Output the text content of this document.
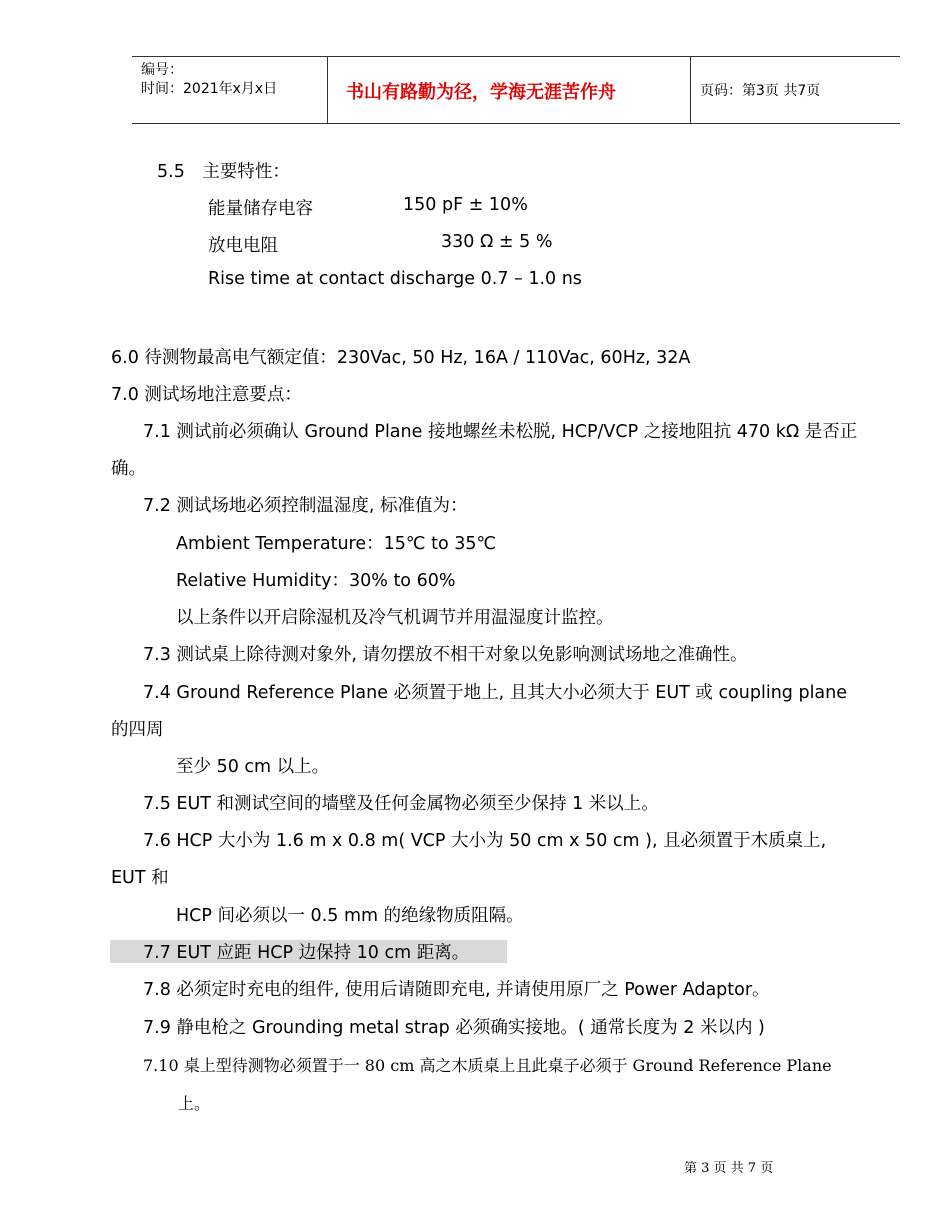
编号：
时间：2021年x月x日	书山有路勤为径，学海无涯苦作舟	页码：第3页 共7页
5.5　主要特性：
能量储存电容	150 pF ± 10%
放电电阻	330 Ω ± 5 %
Rise time at contact discharge 0.7 – 1.0 ns
6.0 待测物最高电气额定值：230Vac, 50 Hz, 16A / 110Vac, 60Hz, 32A
7.0 测试场地注意要点：
7.1 测试前必须确认 Ground Plane 接地螺丝未松脱, HCP/VCP 之接地阻抗 470 kΩ 是否正
确。
7.2 测试场地必须控制温湿度, 标准值为：
Ambient Temperature：15℃ to 35℃
Relative Humidity：30% to 60%
以上条件以开启除湿机及冷气机调节并用温湿度计监控。
7.3 测试桌上除待测对象外, 请勿摆放不相干对象以免影响测试场地之准确性。
7.4 Ground Reference Plane 必须置于地上, 且其大小必须大于 EUT 或 coupling plane
的四周
至少 50 cm 以上。
7.5 EUT 和测试空间的墙壁及任何金属物必须至少保持 1 米以上。
7.6 HCP 大小为 1.6 m x 0.8 m( VCP 大小为 50 cm x 50 cm ), 且必须置于木质桌上,
EUT 和
HCP 间必须以一 0.5 mm 的绝缘物质阻隔。
7.7 EUT 应距 HCP 边保持 10 cm 距离。
7.8 必须定时充电的组件, 使用后请随即充电, 并请使用原厂之 Power Adaptor。
7.9 静电枪之 Grounding metal strap 必须确实接地。( 通常长度为 2 米以内 )
7.10 桌上型待测物必须置于一 80 cm 高之木质桌上且此桌子必须于 Ground Reference Plane
上。
第 3 页 共 7 页
